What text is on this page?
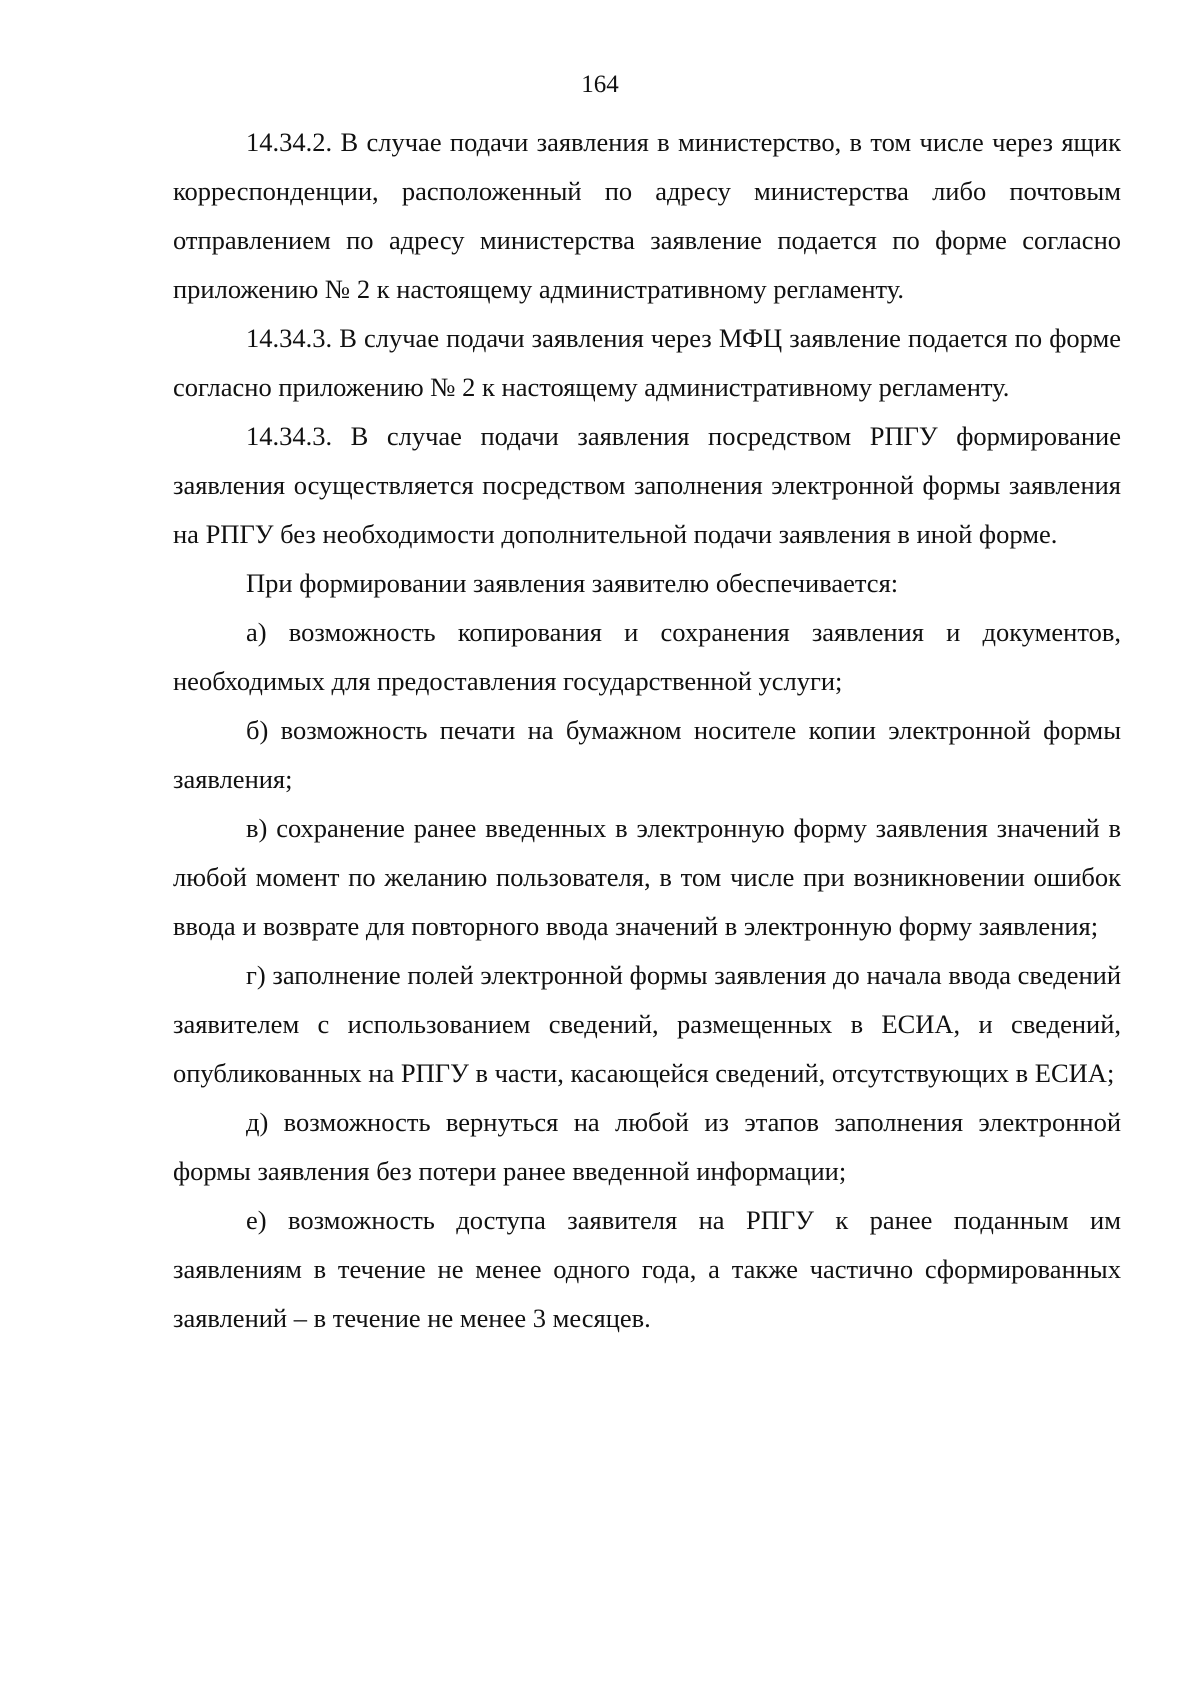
164

14.34.2. В случае подачи заявления в министерство, в том числе через ящик корреспонденции, расположенный по адресу министерства либо почтовым отправлением по адресу министерства заявление подается по форме согласно приложению № 2 к настоящему административному регламенту.

14.34.3. В случае подачи заявления через МФЦ заявление подается по форме согласно приложению № 2 к настоящему административному регламенту.

14.34.3. В случае подачи заявления посредством РПГУ формирование заявления осуществляется посредством заполнения электронной формы заявления на РПГУ без необходимости дополнительной подачи заявления в иной форме.

При формировании заявления заявителю обеспечивается:

а) возможность копирования и сохранения заявления и документов, необходимых для предоставления государственной услуги;

б) возможность печати на бумажном носителе копии электронной формы заявления;

в) сохранение ранее введенных в электронную форму заявления значений в любой момент по желанию пользователя, в том числе при возникновении ошибок ввода и возврате для повторного ввода значений в электронную форму заявления;

г) заполнение полей электронной формы заявления до начала ввода сведений заявителем с использованием сведений, размещенных в ЕСИА, и сведений, опубликованных на РПГУ в части, касающейся сведений, отсутствующих в ЕСИА;

д) возможность вернуться на любой из этапов заполнения электронной формы заявления без потери ранее введенной информации;

е) возможность доступа заявителя на РПГУ к ранее поданным им заявлениям в течение не менее одного года, а также частично сформированных заявлений – в течение не менее 3 месяцев.
